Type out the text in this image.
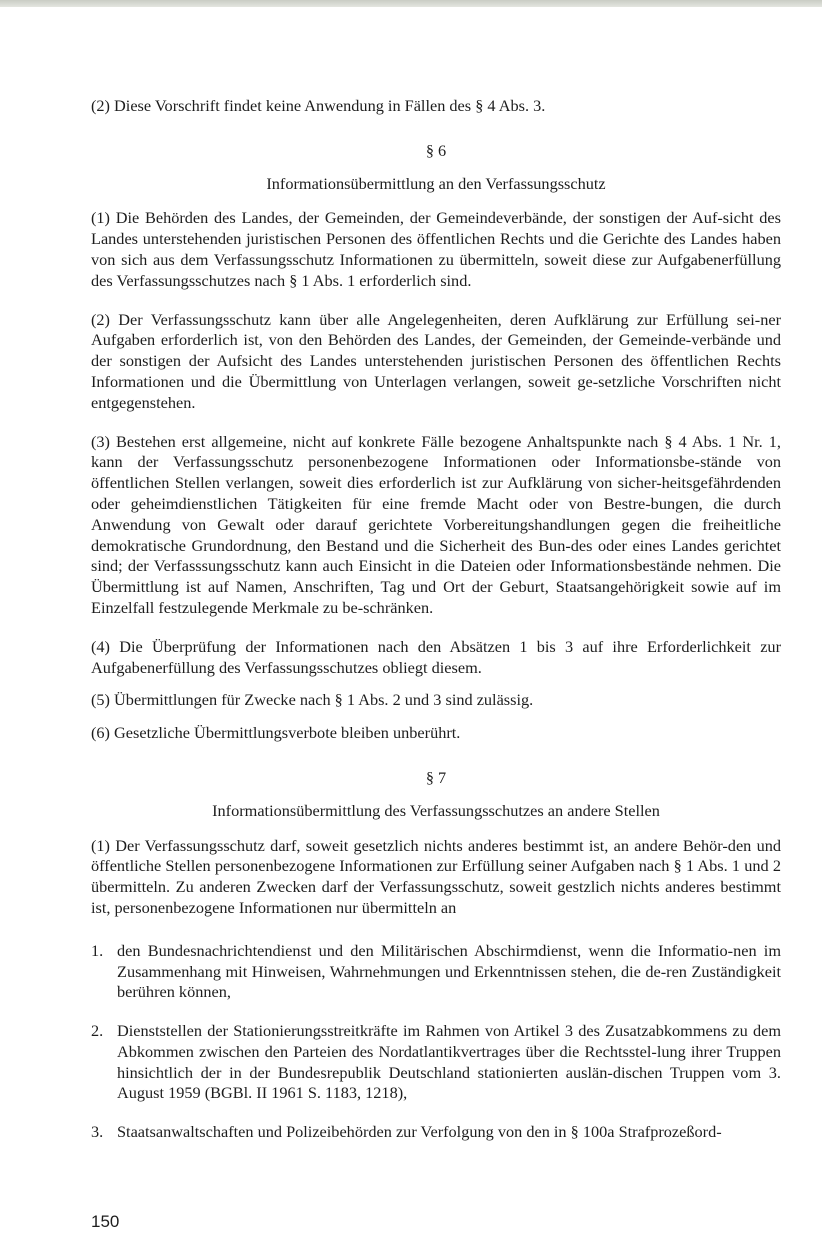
(2) Diese Vorschrift findet keine Anwendung in Fällen des § 4 Abs. 3.

§ 6
Informationsübermittlung an den Verfassungsschutz

(1) Die Behörden des Landes, der Gemeinden, der Gemeindeverbände, der sonstigen der Auf-sicht des Landes unterstehenden juristischen Personen des öffentlichen Rechts und die Gerichte des Landes haben von sich aus dem Verfassungsschutz Informationen zu übermitteln, soweit diese zur Aufgabenerfüllung des Verfassungsschutzes nach § 1 Abs. 1 erforderlich sind.

(2) Der Verfassungsschutz kann über alle Angelegenheiten, deren Aufklärung zur Erfüllung sei-ner Aufgaben erforderlich ist, von den Behörden des Landes, der Gemeinden, der Gemeinde-verbände und der sonstigen der Aufsicht des Landes unterstehenden juristischen Personen des öffentlichen Rechts Informationen und die Übermittlung von Unterlagen verlangen, soweit ge-setzliche Vorschriften nicht entgegenstehen.

(3) Bestehen erst allgemeine, nicht auf konkrete Fälle bezogene Anhaltspunkte nach § 4 Abs. 1 Nr. 1, kann der Verfassungsschutz personenbezogene Informationen oder Informationsbe-stände von öffentlichen Stellen verlangen, soweit dies erforderlich ist zur Aufklärung von sicher-heitsgefährdenden oder geheimdienstlichen Tätigkeiten für eine fremde Macht oder von Bestre-bungen, die durch Anwendung von Gewalt oder darauf gerichtete Vorbereitungshandlungen gegen die freiheitliche demokratische Grundordnung, den Bestand und die Sicherheit des Bun-des oder eines Landes gerichtet sind; der Verfasssungsschutz kann auch Einsicht in die Dateien oder Informationsbestände nehmen. Die Übermittlung ist auf Namen, Anschriften, Tag und Ort der Geburt, Staatsangehörigkeit sowie auf im Einzelfall festzulegende Merkmale zu be-schränken.

(4) Die Überprüfung der Informationen nach den Absätzen 1 bis 3 auf ihre Erforderlichkeit zur Aufgabenerfüllung des Verfassungsschutzes obliegt diesem.

(5) Übermittlungen für Zwecke nach § 1 Abs. 2 und 3 sind zulässig.

(6) Gesetzliche Übermittlungsverbote bleiben unberührt.

§ 7
Informationsübermittlung des Verfassungsschutzes an andere Stellen

(1) Der Verfassungsschutz darf, soweit gesetzlich nichts anderes bestimmt ist, an andere Behör-den und öffentliche Stellen personenbezogene Informationen zur Erfüllung seiner Aufgaben nach § 1 Abs. 1 und 2 übermitteln. Zu anderen Zwecken darf der Verfassungsschutz, soweit gestzlich nichts anderes bestimmt ist, personenbezogene Informationen nur übermitteln an

1. den Bundesnachrichtendienst und den Militärischen Abschirmdienst, wenn die Informatio-nen im Zusammenhang mit Hinweisen, Wahrnehmungen und Erkenntnissen stehen, die de-ren Zuständigkeit berühren können,

2. Dienststellen der Stationierungsstreitkräfte im Rahmen von Artikel 3 des Zusatzabkommens zu dem Abkommen zwischen den Parteien des Nordatlantikvertrages über die Rechtsstel-lung ihrer Truppen hinsichtlich der in der Bundesrepublik Deutschland stationierten auslän-dischen Truppen vom 3. August 1959 (BGBl. II 1961 S. 1183, 1218),

3. Staatsanwaltschaften und Polizeibehörden zur Verfolgung von den in § 100a Strafprozeßord-

150
